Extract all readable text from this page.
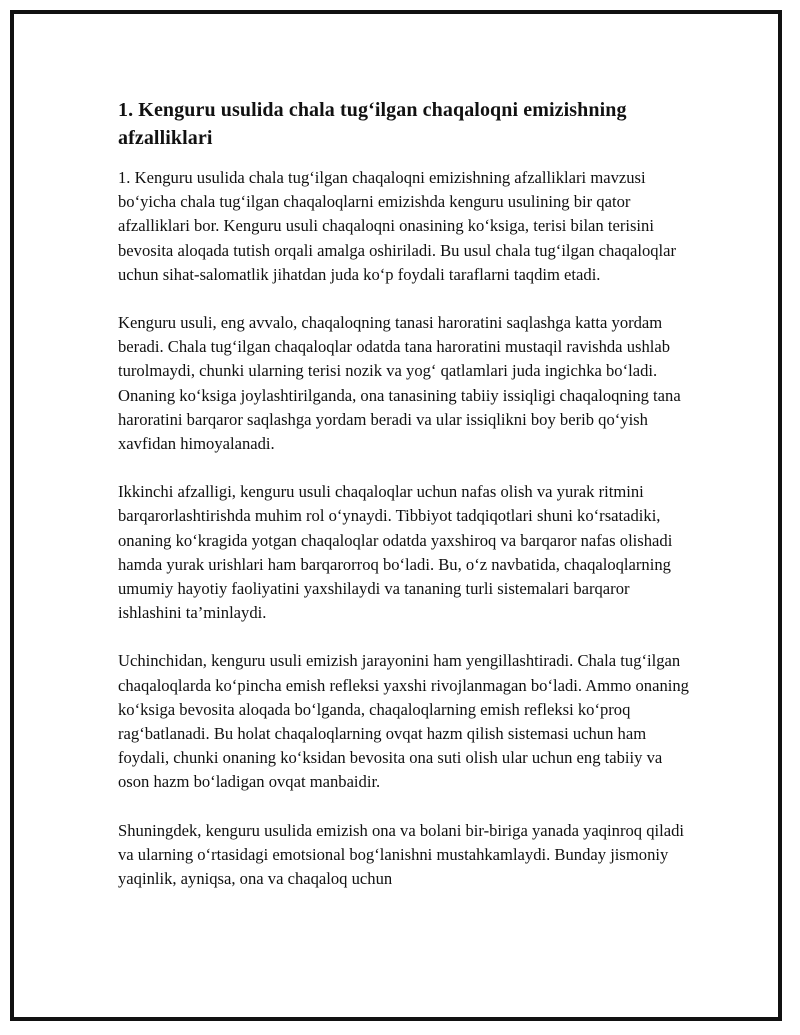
1. Kenguru usulida chala tug‘ilgan chaqaloqni emizishning afzalliklari

1. Kenguru usulida chala tug‘ilgan chaqaloqni emizishning afzalliklari mavzusi bo‘yicha chala tug‘ilgan chaqaloqlarni emizishda kenguru usulining bir qator afzalliklari bor. Kenguru usuli chaqaloqni onasining ko‘ksiga, terisi bilan terisini bevosita aloqada tutish orqali amalga oshiriladi. Bu usul chala tug‘ilgan chaqaloqlar uchun sihat-salomatlik jihatdan juda ko‘p foydali taraflarni taqdim etadi.

Kenguru usuli, eng avvalo, chaqaloqning tanasi haroratini saqlashga katta yordam beradi. Chala tug‘ilgan chaqaloqlar odatda tana haroratini mustaqil ravishda ushlab turolmaydi, chunki ularning terisi nozik va yog‘ qatlamlari juda ingichka bo‘ladi. Onaning ko‘ksiga joylashtirilganda, ona tanasining tabiiy issiqligi chaqaloqning tana haroratini barqaror saqlashga yordam beradi va ular issiqlikni boy berib qo‘yish xavfidan himoyalanadi.

Ikkinchi afzalligi, kenguru usuli chaqaloqlar uchun nafas olish va yurak ritmini barqarorlashtirishda muhim rol o‘ynaydi. Tibbiyot tadqiqotlari shuni ko‘rsatadiki, onaning ko‘kragida yotgan chaqaloqlar odatda yaxshiroq va barqaror nafas olishadi hamda yurak urishlari ham barqarorroq bo‘ladi. Bu, o‘z navbatida, chaqaloqlarning umumiy hayotiy faoliyatini yaxshilaydi va tananing turli sistemalari barqaror ishlashini ta’minlaydi.

Uchinchidan, kenguru usuli emizish jarayonini ham yengillashtiradi. Chala tug‘ilgan chaqaloqlarda ko‘pincha emish refleksi yaxshi rivojlanmagan bo‘ladi. Ammo onaning ko‘ksiga bevosita aloqada bo‘lganda, chaqaloqlarning emish refleksi ko‘proq rag‘batlanadi. Bu holat chaqaloqlarning ovqat hazm qilish sistemasi uchun ham foydali, chunki onaning ko‘ksidan bevosita ona suti olish ular uchun eng tabiiy va oson hazm bo‘ladigan ovqat manbaidir.

Shuningdek, kenguru usulida emizish ona va bolani bir-biriga yanada yaqinroq qiladi va ularning o‘rtasidagi emotsional bog‘lanishni mustahkamlaydi. Bunday jismoniy yaqinlik, ayniqsa, ona va chaqaloq uchun
